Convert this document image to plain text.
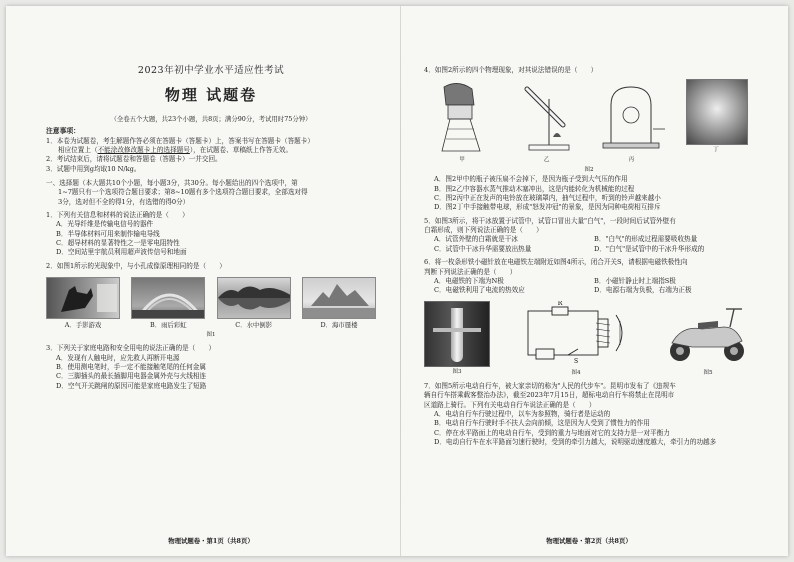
2023年初中学业水平适应性考试

物理 试题卷

（全卷五个大题，共23个小题，共8页；满分90分，考试用时75分钟）

注意事项：

1．本卷为试题卷，考生解题作答必须在答题卡（答题卡）上，答案书写在答题卡（答题卡）

相应位置上（不能涂改修改题卡上的选择题号），在试题卷、草稿纸上作答无效。

2．考试结束后，请将试题卷和答题卷（答题卡）一并交回。

3．试题中用到g均取10 N/kg。

一、选择题（本大题共10个小题，每小题3分，共30分。每小题给出的四个选项中，第

1~7题只有一个选项符合题目要求；第8~10题有多个选项符合题目要求，全部选对得

3分，选对但不全的得1分，有选错的得0分）

1．下列有关信息和材料的说法正确的是（　　）

A．光导纤维是传输电信号的器件

B．半导体材料可用来制作输电导线

C．超导材料的显著特性之一是零电阻特性

D．空间站里宇航员利用超声波传信号和地面

2．如图1所示的光现象中，与小孔成像原理相同的是（　　）

A．手影游戏	B．雨后彩虹	C．水中倒影	D．海市蜃楼

图1

3．下列关于家庭电路和安全用电的说法正确的是（　　）

A．发现有人触电时，应先救人再断开电源

B．使用测电笔时，手一定不能接触笔尾的任何金属

C．三脚插头的最长插脚用电器金属外壳与火线相连

D．空气开关跳闸的原因可能是家庭电路发生了短路

物理试题卷・第1页（共8页）

4．如图2所示的四个物理现象，对其说法错误的是（　　）

甲	乙	丙

丁

图2

A．图2甲中的瓶子被压扁不会掉下，是因为瓶子受到大气压的作用

B．图2乙中容器水蒸气推动木塞冲出，这是内能转化为机械能的过程

C．图2丙中正在发声的电铃放在玻璃罩内，抽气过程中，听到的铃声越来越小

D．图2丁中手接触带电球，形成"怒发冲冠"的景象，是因为同种电荷相互排斥

5．如图3所示，将干冰放置于试管中，试管口冒出大量"白气"，一段时间后试管外壁有

白霜形成，则下列说法正确的是（　　）

A．试管外壁的白霜就是干冰	B．"白气"的形成过程需要吸收热量
C．试管中干冰升华需要放出热量	D．"白气"是试管中的干冰升华形成的

6．将一枚条形铁小磁针放在电磁铁左端附近如图4所示，闭合开关S，请根据电磁铁极性向

判断下列说法正确的是（　　）

A．电磁铁的下端为N极	B．小磁针静止时上端指S极
C．电磁铁利用了电流的热效应	D．电源右端为负极，右端为正极

图3

R
S

图4	图5

7．如图5所示电动自行车，被大家亲切的称为"人民的代步车"。昆明市发布了《违规车

辆自行车搭乘载客整治办法》，截至2023年7月15日，超标电动自行车将禁止在昆明市

区道路上骑行。下列有关电动自行车说法正确的是（　　）

A．电动自行车行驶过程中，以车为参照物，骑行者是运动的

B．电动自行车行驶时手不扶人会向前倾，这是因为人受到了惯性力的作用

C．停在水平路面上的电动自行车，受到的重力与地面对它的支持力是一对平衡力

D．电动自行车在水平路面匀速行驶时，受到的牵引力越大，说明驱动速度越大，牵引力的功越多

物理试题卷・第2页（共8页）
